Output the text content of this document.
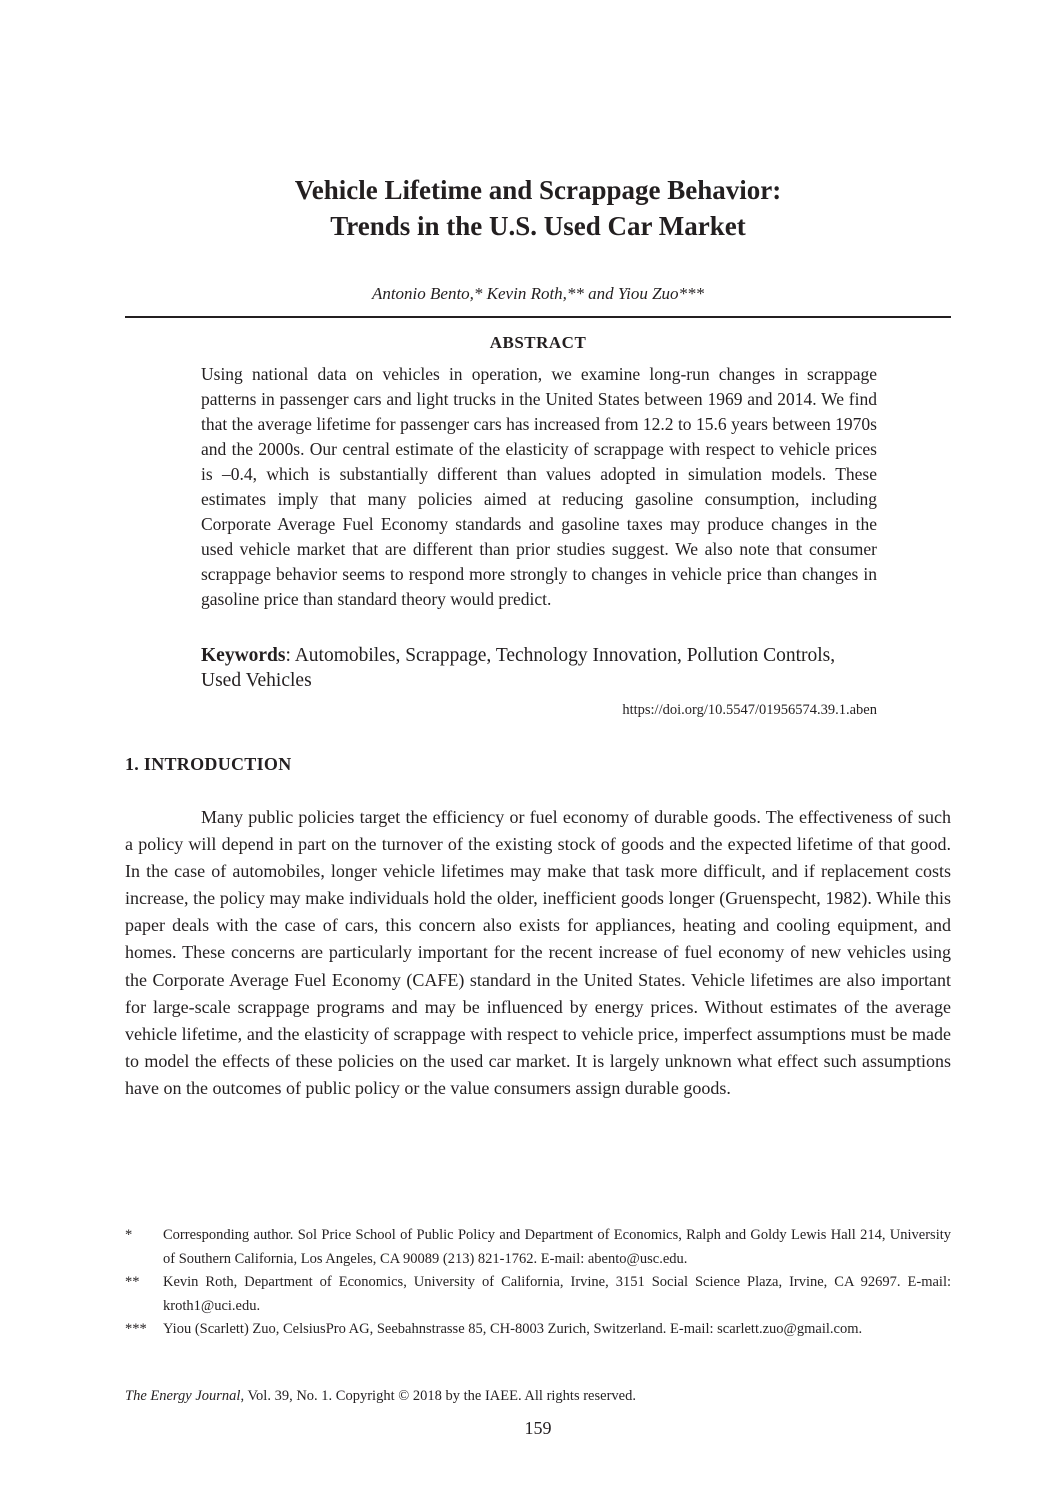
Vehicle Lifetime and Scrappage Behavior:
Trends in the U.S. Used Car Market
Antonio Bento,* Kevin Roth,** and Yiou Zuo***
ABSTRACT
Using national data on vehicles in operation, we examine long-run changes in scrappage patterns in passenger cars and light trucks in the United States between 1969 and 2014. We find that the average lifetime for passenger cars has increased from 12.2 to 15.6 years between 1970s and the 2000s. Our central estimate of the elasticity of scrappage with respect to vehicle prices is –0.4, which is substantially different than values adopted in simulation models. These estimates imply that many policies aimed at reducing gasoline consumption, including Corporate Average Fuel Economy standards and gasoline taxes may produce changes in the used vehicle market that are different than prior studies suggest. We also note that consumer scrappage behavior seems to respond more strongly to changes in vehicle price than changes in gasoline price than standard theory would predict.
Keywords: Automobiles, Scrappage, Technology Innovation, Pollution Controls, Used Vehicles
https://doi.org/10.5547/01956574.39.1.aben
1. INTRODUCTION

Many public policies target the efficiency or fuel economy of durable goods. The effectiveness of such a policy will depend in part on the turnover of the existing stock of goods and the expected lifetime of that good. In the case of automobiles, longer vehicle lifetimes may make that task more difficult, and if replacement costs increase, the policy may make individuals hold the older, inefficient goods longer (Gruenspecht, 1982). While this paper deals with the case of cars, this concern also exists for appliances, heating and cooling equipment, and homes. These concerns are particularly important for the recent increase of fuel economy of new vehicles using the Corporate Average Fuel Economy (CAFE) standard in the United States. Vehicle lifetimes are also important for large-scale scrappage programs and may be influenced by energy prices. Without estimates of the average vehicle lifetime, and the elasticity of scrappage with respect to vehicle price, imperfect assumptions must be made to model the effects of these policies on the used car market. It is largely unknown what effect such assumptions have on the outcomes of public policy or the value consumers assign durable goods.

*	Corresponding author. Sol Price School of Public Policy and Department of Economics, Ralph and Goldy Lewis Hall 214, University of Southern California, Los Angeles, CA 90089 (213) 821-1762. E-mail: abento@usc.edu.
**	Kevin Roth, Department of Economics, University of California, Irvine, 3151 Social Science Plaza, Irvine, CA 92697. E-mail: kroth1@uci.edu.
***	Yiou (Scarlett) Zuo, CelsiusPro AG, Seebahnstrasse 85, CH-8003 Zurich, Switzerland. E-mail: scarlett.zuo@gmail.com.
The Energy Journal, Vol. 39, No. 1. Copyright © 2018 by the IAEE. All rights reserved.
159
